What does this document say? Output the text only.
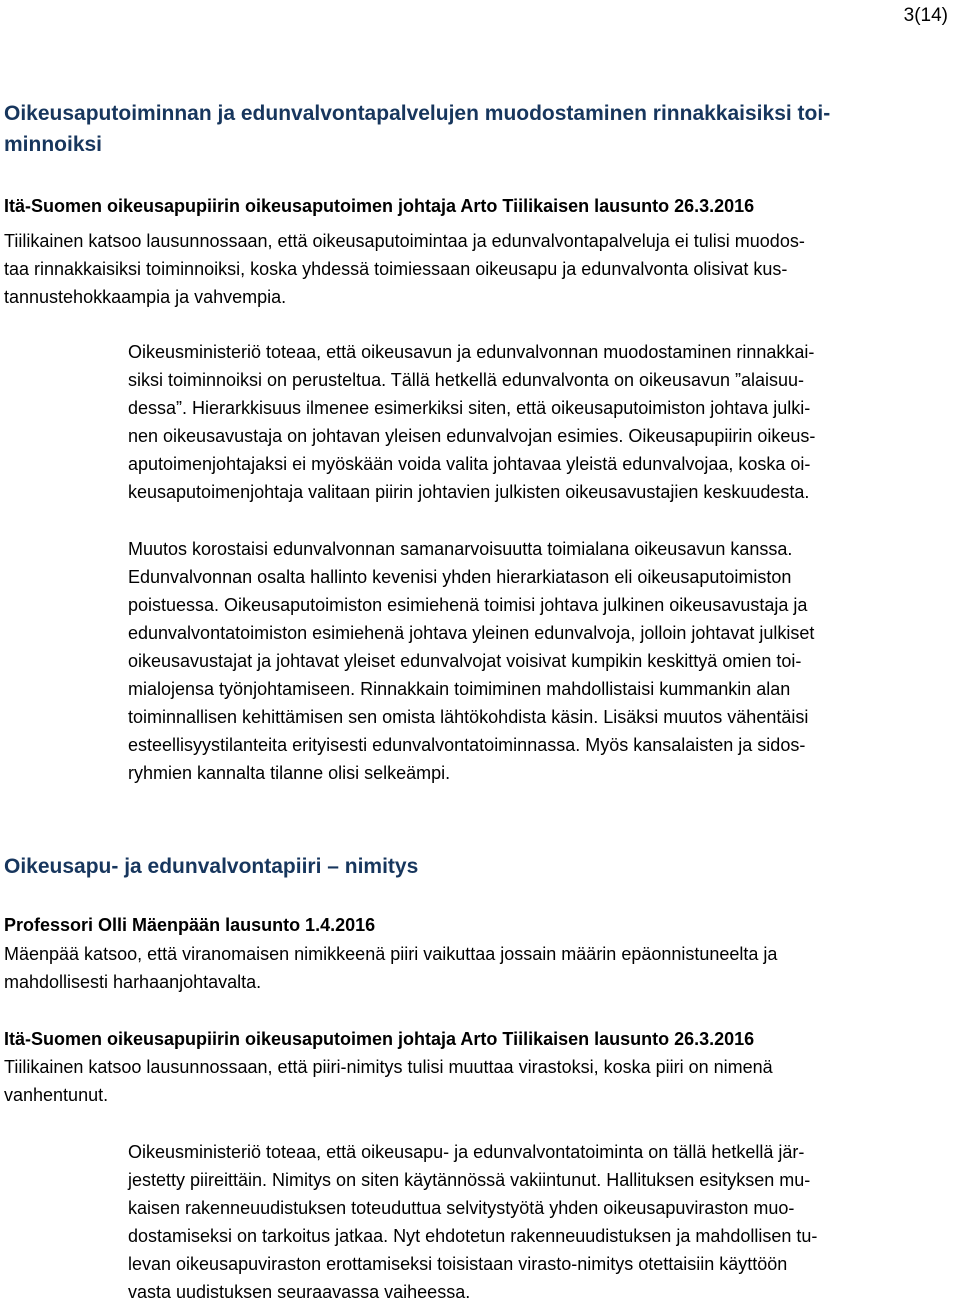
3(14)
Oikeusaputoiminnan ja edunvalvontapalvelujen muodostaminen rinnakkaisiksi toi-
minnoiksi
Itä-Suomen oikeusapupiirin oikeusaputoimen johtaja Arto Tiilikaisen lausunto 26.3.2016

Tiilikainen katsoo lausunnossaan, että oikeusaputoimintaa ja edunvalvontapalveluja ei tulisi muodos-

taa rinnakkaisiksi toiminnoiksi, koska yhdessä toimiessaan oikeusapu ja edunvalvonta olisivat kus-

tannustehokkaampia ja vahvempia.

Oikeusministeriö toteaa, että oikeusavun ja edunvalvonnan muodostaminen rinnakkai-

siksi toiminnoiksi on perusteltua. Tällä hetkellä edunvalvonta on oikeusavun ”alaisuu-

dessa”. Hierarkkisuus ilmenee esimerkiksi siten, että oikeusaputoimiston johtava julki-

nen oikeusavustaja on johtavan yleisen edunvalvojan esimies. Oikeusapupiirin oikeus-

aputoimenjohtajaksi ei myöskään voida valita johtavaa yleistä edunvalvojaa, koska oi-

keusaputoimenjohtaja valitaan piirin johtavien julkisten oikeusavustajien keskuudesta.

Muutos korostaisi edunvalvonnan samanarvoisuutta toimialana oikeusavun kanssa.

Edunvalvonnan osalta hallinto kevenisi yhden hierarkiatason eli oikeusaputoimiston

poistuessa. Oikeusaputoimiston esimiehenä toimisi johtava julkinen oikeusavustaja ja

edunvalvontatoimiston esimiehenä johtava yleinen edunvalvoja, jolloin johtavat julkiset

oikeusavustajat ja johtavat yleiset edunvalvojat voisivat kumpikin keskittyä omien toi-

mialojensa työnjohtamiseen. Rinnakkain toimiminen mahdollistaisi kummankin alan

toiminnallisen kehittämisen sen omista lähtökohdista käsin. Lisäksi muutos vähentäisi

esteellisyystilanteita erityisesti edunvalvontatoiminnassa. Myös kansalaisten ja sidos-

ryhmien kannalta tilanne olisi selkeämpi.

Oikeusapu- ja edunvalvontapiiri – nimitys
Professori Olli Mäenpään lausunto 1.4.2016

Mäenpää katsoo, että viranomaisen nimikkeenä piiri vaikuttaa jossain määrin epäonnistuneelta ja

mahdollisesti harhaanjohtavalta.

Itä-Suomen oikeusapupiirin oikeusaputoimen johtaja Arto Tiilikaisen lausunto 26.3.2016

Tiilikainen katsoo lausunnossaan, että piiri-nimitys tulisi muuttaa virastoksi, koska piiri on nimenä

vanhentunut.

Oikeusministeriö toteaa, että oikeusapu- ja edunvalvontatoiminta on tällä hetkellä jär-

jestetty piireittäin. Nimitys on siten käytännössä vakiintunut. Hallituksen esityksen mu-

kaisen rakenneuudistuksen toteuduttua selvitystyötä yhden oikeusapuviraston muo-

dostamiseksi on tarkoitus jatkaa. Nyt ehdotetun rakenneuudistuksen ja mahdollisen tu-

levan oikeusapuviraston erottamiseksi toisistaan virasto-nimitys otettaisiin käyttöön

vasta uudistuksen seuraavassa vaiheessa.
